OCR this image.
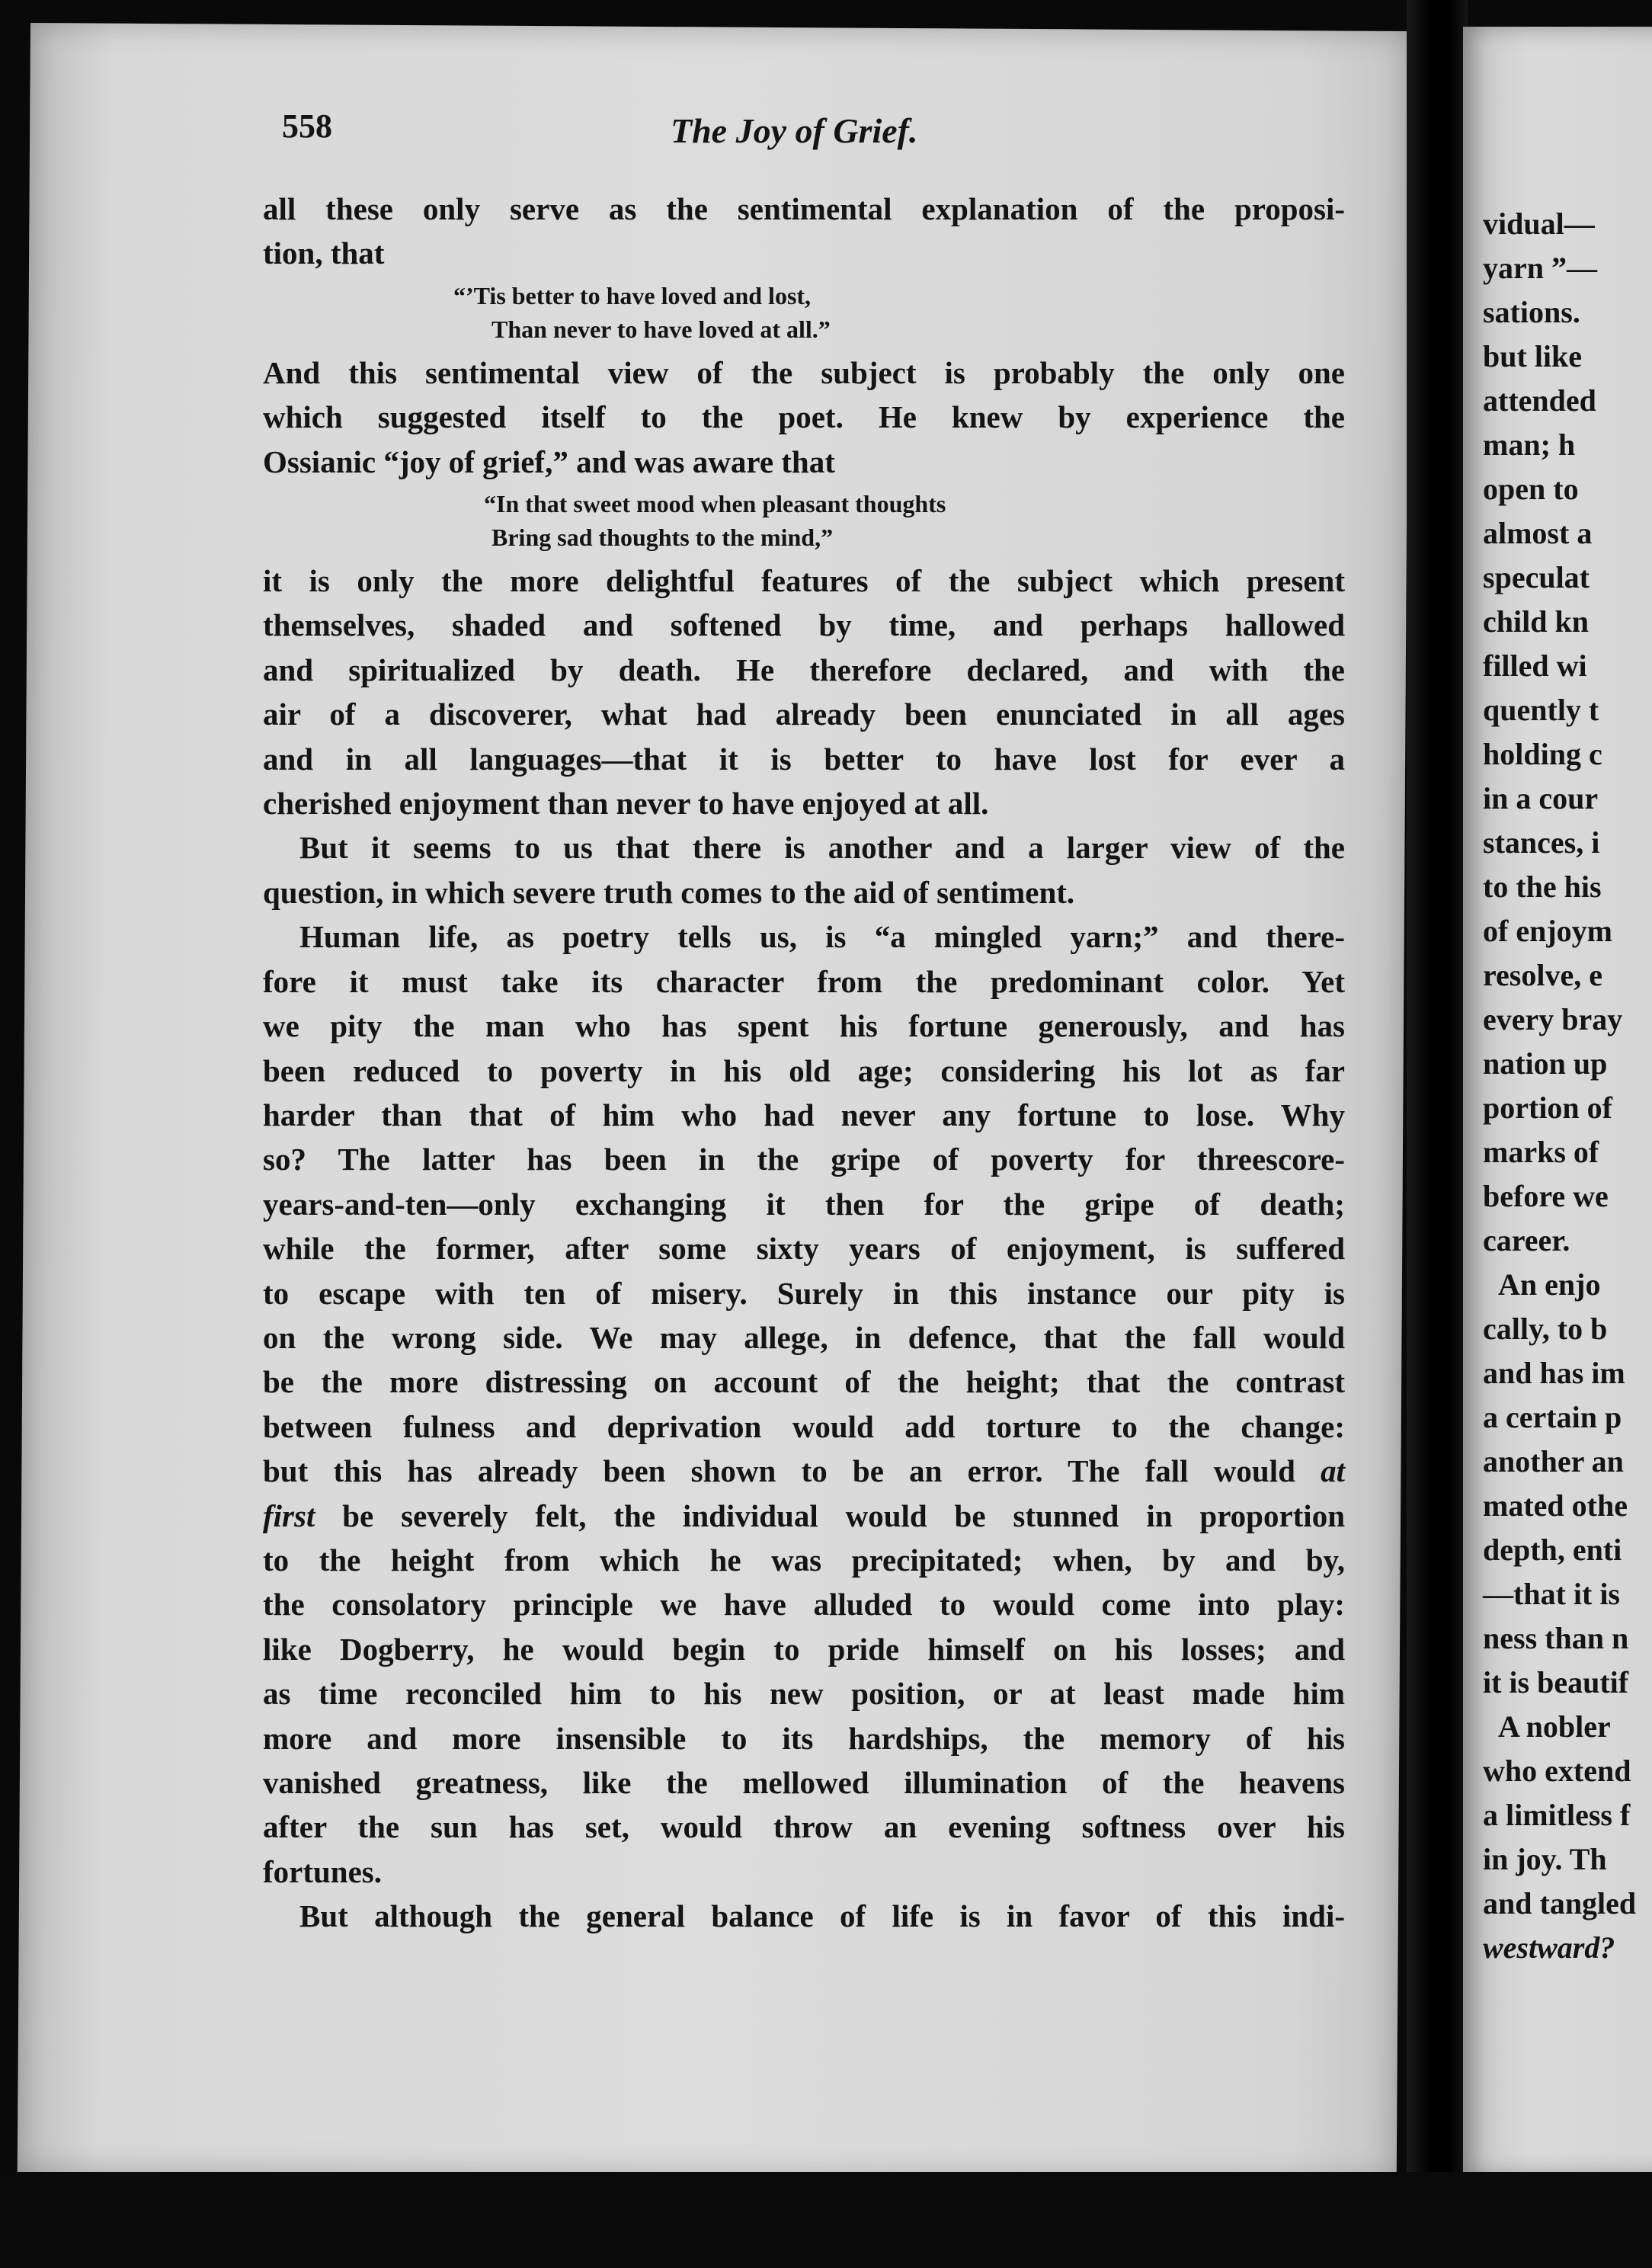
558	The Joy of Grief.
all these only serve as the sentimental explanation of the proposi-
tion, that
“’Tis better to have loved and lost,
Than never to have loved at all.”
And this sentimental view of the subject is probably the only one
which suggested itself to the poet. He knew by experience the
Ossianic “joy of grief,” and was aware that
“In that sweet mood when pleasant thoughts
Bring sad thoughts to the mind,”
it is only the more delightful features of the subject which present
themselves, shaded and softened by time, and perhaps hallowed
and spiritualized by death. He therefore declared, and with the
air of a discoverer, what had already been enunciated in all ages
and in all languages—that it is better to have lost for ever a
cherished enjoyment than never to have enjoyed at all.
But it seems to us that there is another and a larger view of the
question, in which severe truth comes to the aid of sentiment.
Human life, as poetry tells us, is “a mingled yarn;” and there-
fore it must take its character from the predominant color. Yet
we pity the man who has spent his fortune generously, and has
been reduced to poverty in his old age; considering his lot as far
harder than that of him who had never any fortune to lose. Why
so? The latter has been in the gripe of poverty for threescore-
years-and-ten—only exchanging it then for the gripe of death;
while the former, after some sixty years of enjoyment, is suffered
to escape with ten of misery. Surely in this instance our pity is
on the wrong side. We may allege, in defence, that the fall would
be the more distressing on account of the height; that the contrast
between fulness and deprivation would add torture to the change:
but this has already been shown to be an error. The fall would at
first be severely felt, the individual would be stunned in proportion
to the height from which he was precipitated; when, by and by,
the consolatory principle we have alluded to would come into play:
like Dogberry, he would begin to pride himself on his losses; and
as time reconciled him to his new position, or at least made him
more and more insensible to its hardships, the memory of his
vanished greatness, like the mellowed illumination of the heavens
after the sun has set, would throw an evening softness over his
fortunes.
But although the general balance of life is in favor of this indi-
vidual—
yarn ”—
sations.
but like
attended
man; h
open to
almost a
speculat
child kn
filled wi
quently t
holding c
in a cour
stances, i
to the his
of enjoym
resolve, e
every bray
nation up
portion of
marks of
before we
career.
An enjo
cally, to b
and has im
a certain p
another an
mated othe
depth, enti
—that it is
ness than n
it is beautif
A nobler
who extend
a limitless f
in joy. Th
and tangled
westward?
